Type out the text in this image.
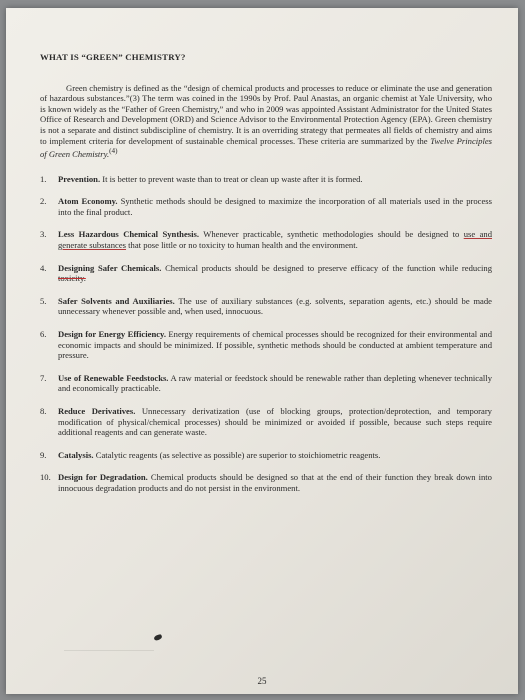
WHAT IS “GREEN” CHEMISTRY?

Green chemistry is defined as the “design of chemical products and processes to reduce or eliminate the use and generation of hazardous substances.”(3) The term was coined in the 1990s by Prof. Paul Anastas, an organic chemist at Yale University, who is known widely as the “Father of Green Chemistry,” and who in 2009 was appointed Assistant Administrator for the United States Office of Research and Development (ORD) and Science Advisor to the Environmental Protection Agency (EPA). Green chemistry is not a separate and distinct subdiscipline of chemistry. It is an overriding strategy that permeates all fields of chemistry and aims to implement criteria for development of sustainable chemical processes. These criteria are summarized by the Twelve Principles of Green Chemistry.$^{(4)}$

1.	Prevention. It is better to prevent waste than to treat or clean up waste after it is formed.
2.	Atom Economy. Synthetic methods should be designed to maximize the incorporation of all materials used in the process into the final product.
3.	Less Hazardous Chemical Synthesis. Whenever practicable, synthetic methodologies should be designed to use and generate substances that pose little or no toxicity to human health and the environment.
4.	Designing Safer Chemicals. Chemical products should be designed to preserve efficacy of the function while reducing toxicity.
5.	Safer Solvents and Auxiliaries. The use of auxiliary substances (e.g. solvents, separation agents, etc.) should be made unnecessary whenever possible and, when used, innocuous.
6.	Design for Energy Efficiency. Energy requirements of chemical processes should be recognized for their environmental and economic impacts and should be minimized. If possible, synthetic methods should be conducted at ambient temperature and pressure.
7.	Use of Renewable Feedstocks. A raw material or feedstock should be renewable rather than depleting whenever technically and economically practicable.
8.	Reduce Derivatives. Unnecessary derivatization (use of blocking groups, protection/deprotection, and temporary modification of physical/chemical processes) should be minimized or avoided if possible, because such steps require additional reagents and can generate waste.
9.	Catalysis. Catalytic reagents (as selective as possible) are superior to stoichiometric reagents.
10. Design for Degradation. Chemical products should be designed so that at the end of their function they break down into innocuous degradation products and do not persist in the environment.
25
